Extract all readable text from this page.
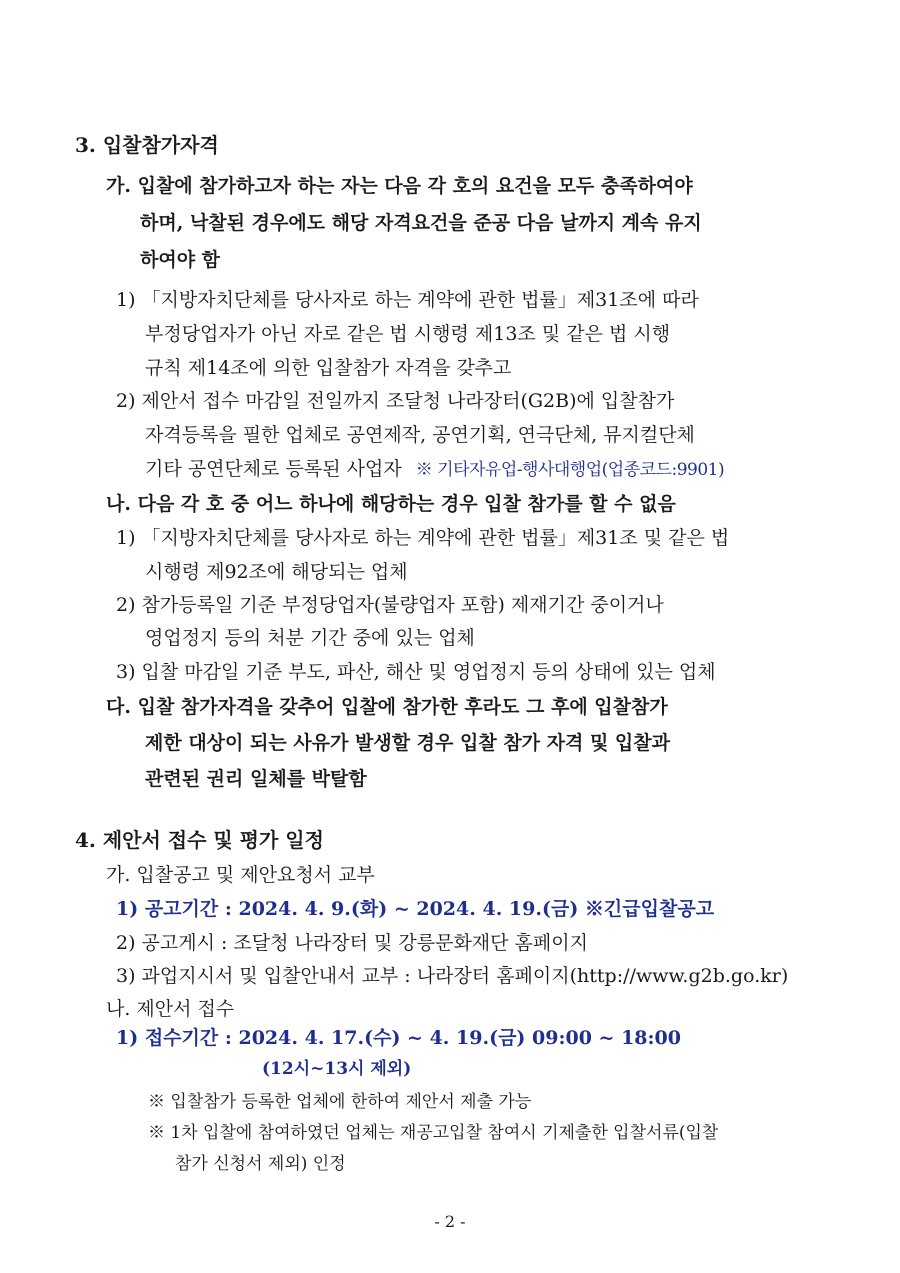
3. 입찰참가자격
가. 입찰에 참가하고자 하는 자는 다음 각 호의 요건을 모두 충족하여야
하며, 낙찰된 경우에도 해당 자격요건을 준공 다음 날까지 계속 유지
하여야 함
1) 「지방자치단체를 당사자로 하는 계약에 관한 법률」제31조에 따라
부정당업자가 아닌 자로 같은 법 시행령 제13조 및 같은 법 시행
규칙 제14조에 의한 입찰참가 자격을 갖추고
2) 제안서 접수 마감일 전일까지 조달청 나라장터(G2B)에 입찰참가
자격등록을 필한 업체로 공연제작, 공연기획, 연극단체, 뮤지컬단체
기타 공연단체로 등록된 사업자 ※ 기타자유업-행사대행업(업종코드:9901)
나. 다음 각 호 중 어느 하나에 해당하는 경우 입찰 참가를 할 수 없음
1) 「지방자치단체를 당사자로 하는 계약에 관한 법률」제31조 및 같은 법
시행령 제92조에 해당되는 업체
2) 참가등록일 기준 부정당업자(불량업자 포함) 제재기간 중이거나
영업정지 등의 처분 기간 중에 있는 업체
3) 입찰 마감일 기준 부도, 파산, 해산 및 영업정지 등의 상태에 있는 업체
다. 입찰 참가자격을 갖추어 입찰에 참가한 후라도 그 후에 입찰참가
제한 대상이 되는 사유가 발생할 경우 입찰 참가 자격 및 입찰과
관련된 권리 일체를 박탈함
4. 제안서 접수 및 평가 일정
가. 입찰공고 및 제안요청서 교부
1) 공고기간 : 2024. 4. 9.(화) ~ 2024. 4. 19.(금) ※긴급입찰공고
2) 공고게시 : 조달청 나라장터 및 강릉문화재단 홈페이지
3) 과업지시서 및 입찰안내서 교부 : 나라장터 홈페이지(http://www.g2b.go.kr)
나. 제안서 접수
1) 접수기간 : 2024. 4. 17.(수) ~ 4. 19.(금) 09:00 ~ 18:00
(12시~13시 제외)
※ 입찰참가 등록한 업체에 한하여 제안서 제출 가능
※ 1차 입찰에 참여하였던 업체는 재공고입찰 참여시 기제출한 입찰서류(입찰
참가 신청서 제외) 인정
- 2 -
